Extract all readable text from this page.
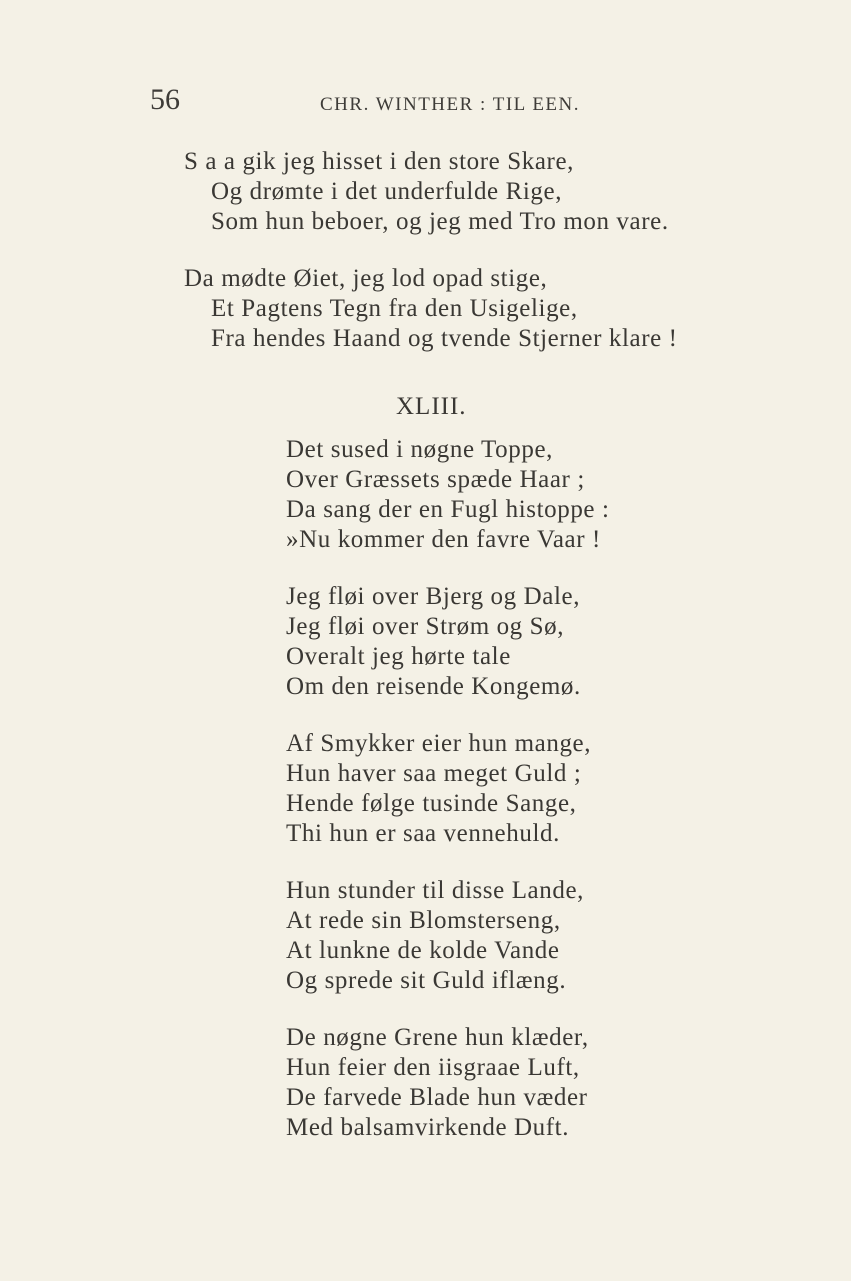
56	CHR. WINTHER : TIL EEN.
S a a gik jeg hisset i den store Skare,
Og drømte i det underfulde Rige,
Som hun beboer, og jeg med Tro mon vare.
Da mødte Øiet, jeg lod opad stige,
Et Pagtens Tegn fra den Usigelige,
Fra hendes Haand og tvende Stjerner klare !
XLIII.
Det sused i nøgne Toppe,
Over Græssets spæde Haar ;
Da sang der en Fugl histoppe :
»Nu kommer den favre Vaar !
Jeg fløi over Bjerg og Dale,
Jeg fløi over Strøm og Sø,
Overalt jeg hørte tale
Om den reisende Kongemø.
Af Smykker eier hun mange,
Hun haver saa meget Guld ;
Hende følge tusinde Sange,
Thi hun er saa vennehuld.
Hun stunder til disse Lande,
At rede sin Blomsterseng,
At lunkne de kolde Vande
Og sprede sit Guld iflæng.
De nøgne Grene hun klæder,
Hun feier den iisgraae Luft,
De farvede Blade hun væder
Med balsamvirkende Duft.
